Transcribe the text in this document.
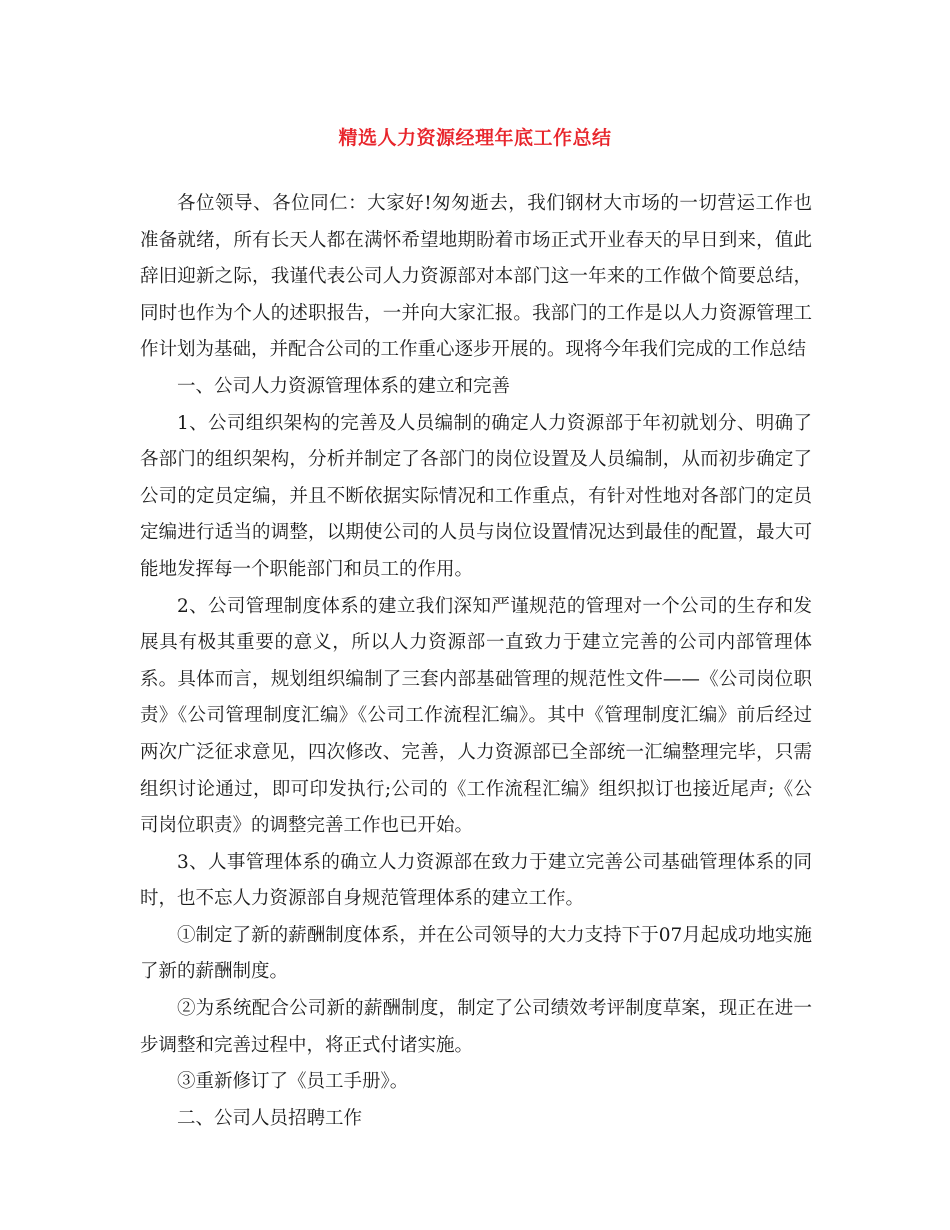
精选人力资源经理年底工作总结

各位领导、各位同仁：大家好!匆匆逝去，我们钢材大市场的一切营运工作也准备就绪，所有长天人都在满怀希望地期盼着市场正式开业春天的早日到来，值此辞旧迎新之际，我谨代表公司人力资源部对本部门这一年来的工作做个简要总结，同时也作为个人的述职报告，一并向大家汇报。我部门的工作是以人力资源管理工作计划为基础，并配合公司的工作重心逐步开展的。现将今年我们完成的工作总结

一、公司人力资源管理体系的建立和完善

1、公司组织架构的完善及人员编制的确定人力资源部于年初就划分、明确了各部门的组织架构，分析并制定了各部门的岗位设置及人员编制，从而初步确定了公司的定员定编，并且不断依据实际情况和工作重点，有针对性地对各部门的定员定编进行适当的调整，以期使公司的人员与岗位设置情况达到最佳的配置，最大可能地发挥每一个职能部门和员工的作用。

2、公司管理制度体系的建立我们深知严谨规范的管理对一个公司的生存和发展具有极其重要的意义，所以人力资源部一直致力于建立完善的公司内部管理体系。具体而言，规划组织编制了三套内部基础管理的规范性文件——《公司岗位职责》《公司管理制度汇编》《公司工作流程汇编》。其中《管理制度汇编》前后经过两次广泛征求意见，四次修改、完善，人力资源部已全部统一汇编整理完毕，只需组织讨论通过，即可印发执行;公司的《工作流程汇编》组织拟订也接近尾声;《公司岗位职责》的调整完善工作也已开始。

3、人事管理体系的确立人力资源部在致力于建立完善公司基础管理体系的同时，也不忘人力资源部自身规范管理体系的建立工作。

①制定了新的薪酬制度体系，并在公司领导的大力支持下于07月起成功地实施了新的薪酬制度。

②为系统配合公司新的薪酬制度，制定了公司绩效考评制度草案，现正在进一步调整和完善过程中，将正式付诸实施。

③重新修订了《员工手册》。

二、公司人员招聘工作
